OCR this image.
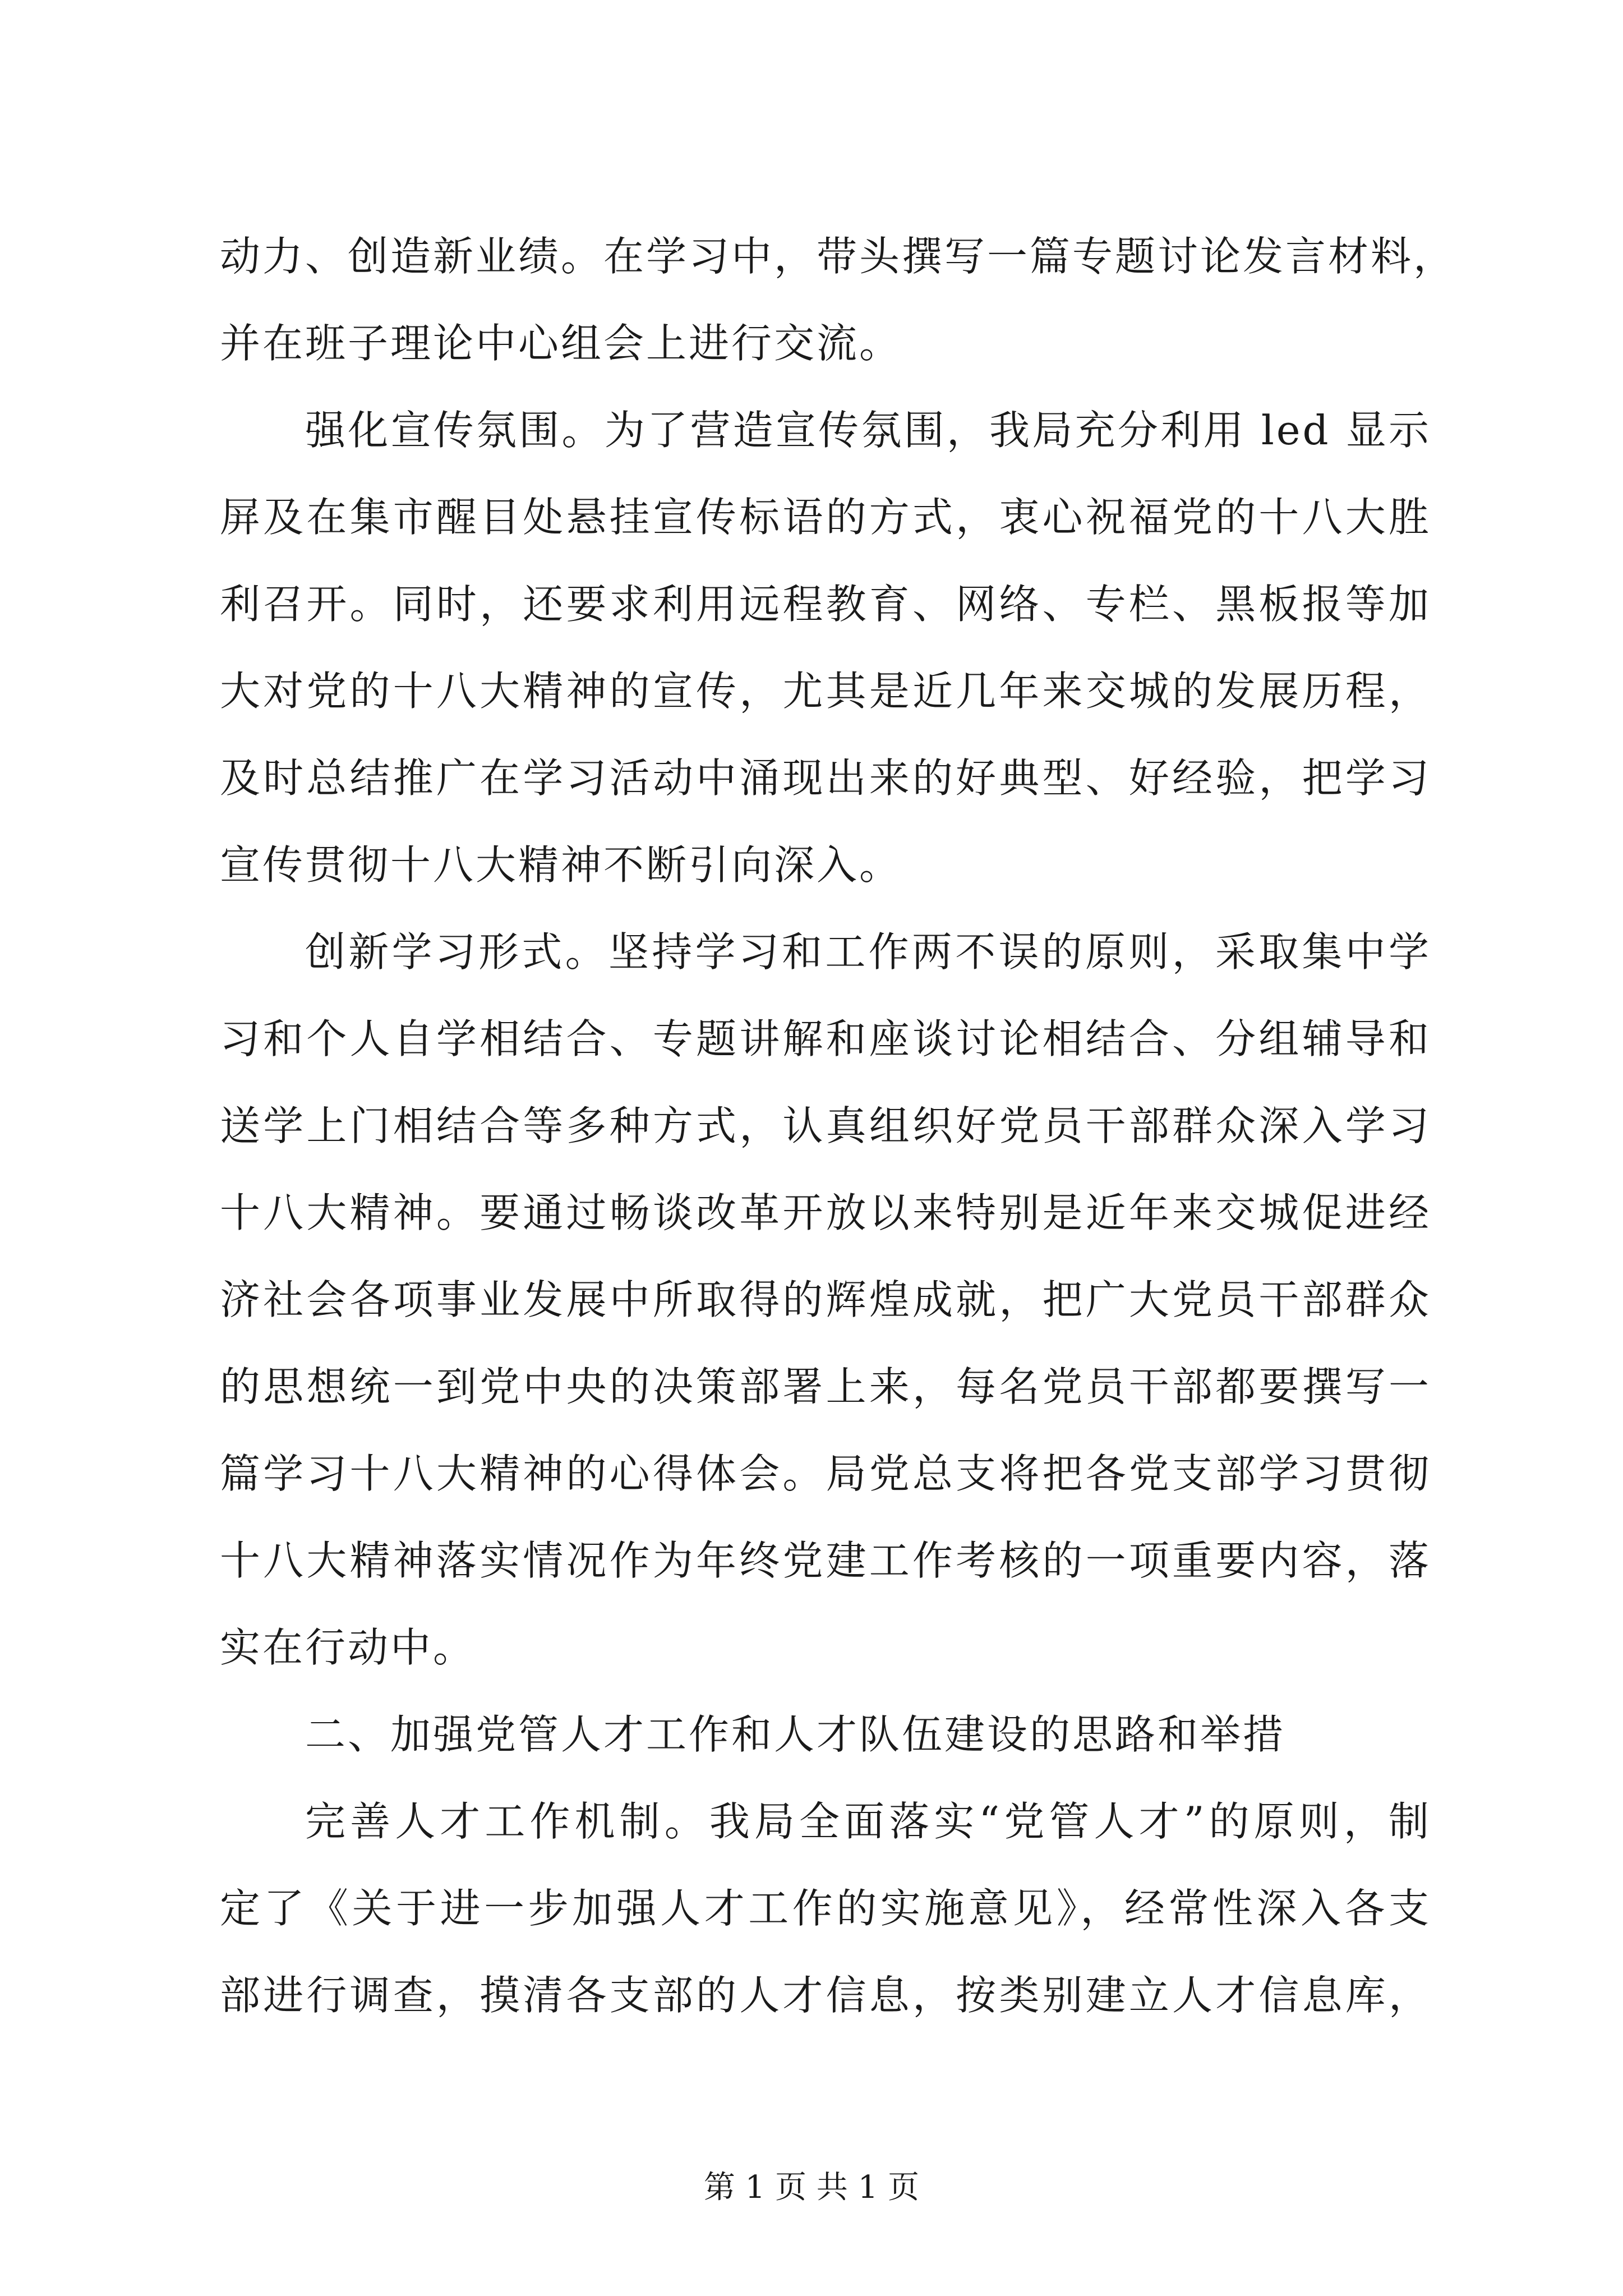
动力、创造新业绩。在学习中，带头撰写一篇专题讨论发言材料，
并在班子理论中心组会上进行交流。
强化宣传氛围。为了营造宣传氛围，我局充分利用 led 显示
屏及在集市醒目处悬挂宣传标语的方式，衷心祝福党的十八大胜
利召开。同时，还要求利用远程教育、网络、专栏、黑板报等加
大对党的十八大精神的宣传，尤其是近几年来交城的发展历程，
及时总结推广在学习活动中涌现出来的好典型、好经验，把学习
宣传贯彻十八大精神不断引向深入。
创新学习形式。坚持学习和工作两不误的原则，采取集中学
习和个人自学相结合、专题讲解和座谈讨论相结合、分组辅导和
送学上门相结合等多种方式，认真组织好党员干部群众深入学习
十八大精神。要通过畅谈改革开放以来特别是近年来交城促进经
济社会各项事业发展中所取得的辉煌成就，把广大党员干部群众
的思想统一到党中央的决策部署上来，每名党员干部都要撰写一
篇学习十八大精神的心得体会。局党总支将把各党支部学习贯彻
十八大精神落实情况作为年终党建工作考核的一项重要内容，落
实在行动中。
二、加强党管人才工作和人才队伍建设的思路和举措
完善人才工作机制。我局全面落实“党管人才”的原则，制
定了《关于进一步加强人才工作的实施意见》，经常性深入各支
部进行调查，摸清各支部的人才信息，按类别建立人才信息库，
第 1 页 共 1 页
